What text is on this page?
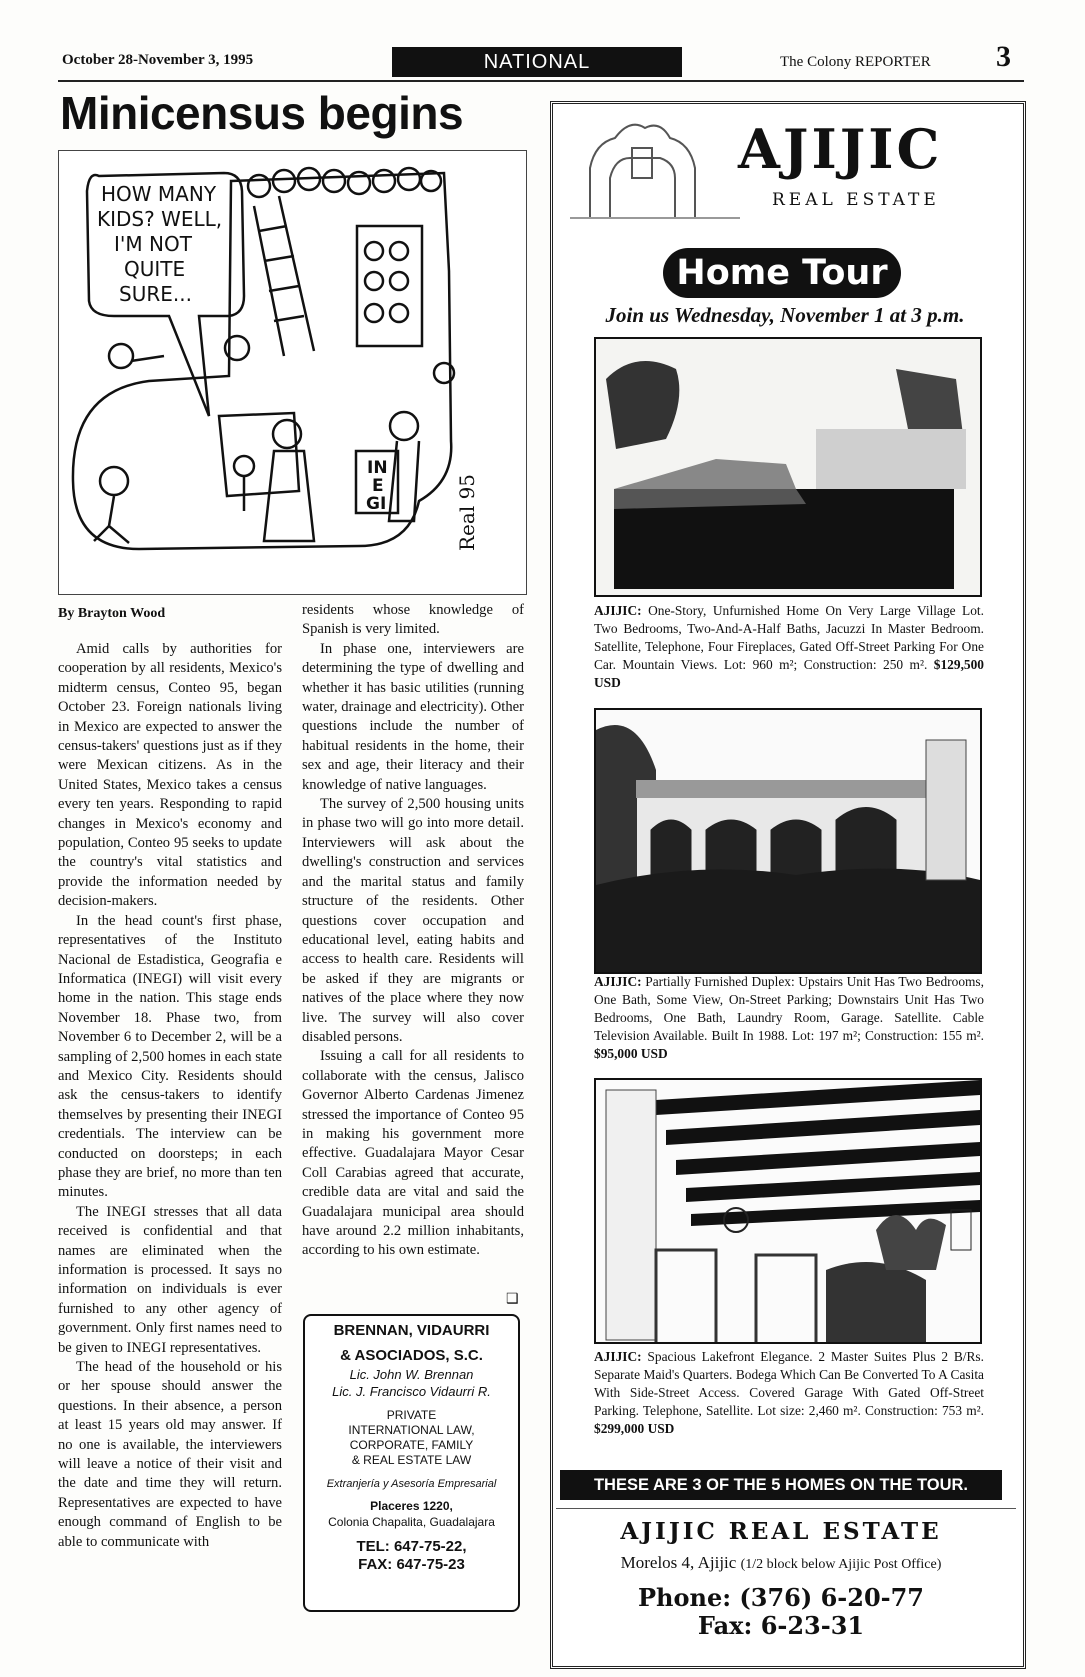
October 28-November 3, 1995	NATIONAL	The Colony REPORTER 3
Minicensus begins
HOW MANY
KIDS? WELL,
I'M NOT
QUITE
SURE...
IN
E
GI	Real 95
By Brayton Wood

Amid calls by authorities for cooperation by all residents, Mexico's midterm census, Conteo 95, began October 23. Foreign nationals living in Mexico are expected to answer the census-takers' questions just as if they were Mexican citizens. As in the United States, Mexico takes a census every ten years. Responding to rapid changes in Mexico's economy and population, Conteo 95 seeks to update the country's vital statistics and provide the information needed by decision-makers.

In the head count's first phase, representatives of the Instituto Nacional de Estadistica, Geografia e Informatica (INEGI) will visit every home in the nation. This stage ends November 18. Phase two, from November 6 to December 2, will be a sampling of 2,500 homes in each state and Mexico City. Residents should ask the census-takers to identify themselves by presenting their INEGI credentials. The interview can be conducted on doorsteps; in each phase they are brief, no more than ten minutes.

The INEGI stresses that all data received is confidential and that names are eliminated when the information is processed. It says no information on individuals is ever furnished to any other agency of government. Only first names need to be given to INEGI representatives.

The head of the household or his or her spouse should answer the questions. In their absence, a person at least 15 years old may answer. If no one is available, the interviewers will leave a notice of their visit and the date and time they will return. Representatives are expected to have enough command of English to be able to communicate with

residents whose knowledge of Spanish is very limited.

In phase one, interviewers are determining the type of dwelling and whether it has basic utilities (running water, drainage and electricity). Other questions include the number of habitual residents in the home, their sex and age, their literacy and their knowledge of native languages.

The survey of 2,500 housing units in phase two will go into more detail. Interviewers will ask about the dwelling's construction and services and the marital status and family structure of the residents. Other questions cover occupation and educational level, eating habits and access to health care. Residents will be asked if they are migrants or natives of the place where they now live. The survey will also cover disabled persons.

Issuing a call for all residents to collaborate with the census, Jalisco Governor Alberto Cardenas Jimenez stressed the importance of Conteo 95 in making his government more effective. Guadalajara Mayor Cesar Coll Carabias agreed that accurate, credible data are vital and said the Guadalajara municipal area should have around 2.2 million inhabitants, according to his own estimate.

❑
BRENNAN, VIDAURRI
& ASOCIADOS, S.C.
Lic. John W. Brennan
Lic. J. Francisco Vidaurri R.
PRIVATE
INTERNATIONAL LAW,
CORPORATE, FAMILY
& REAL ESTATE LAW
Extranjería y Asesoría Empresarial
Placeres 1220,
Colonia Chapalita, Guadalajara
TEL: 647-75-22,
FAX: 647-75-23
AJIJIC
REAL ESTATE
Home Tour
Join us Wednesday, November 1 at 3 p.m.
AJIJIC: One-Story, Unfurnished Home On Very Large Village Lot. Two Bedrooms, Two-And-A-Half Baths, Jacuzzi In Master Bedroom. Satellite, Telephone, Four Fireplaces, Gated Off-Street Parking For One Car. Mountain Views. Lot: 960 m²; Construction: 250 m². $129,500 USD
AJIJIC: Partially Furnished Duplex: Upstairs Unit Has Two Bedrooms, One Bath, Some View, On-Street Parking; Downstairs Unit Has Two Bedrooms, One Bath, Laundry Room, Garage. Satellite. Cable Television Available. Built In 1988. Lot: 197 m²; Construction: 155 m². $95,000 USD
AJIJIC: Spacious Lakefront Elegance. 2 Master Suites Plus 2 B/Rs. Separate Maid's Quarters. Bodega Which Can Be Converted To A Casita With Side-Street Access. Covered Garage With Gated Off-Street Parking. Telephone, Satellite. Lot size: 2,460 m². Construction: 753 m². $299,000 USD
THESE ARE 3 OF THE 5 HOMES ON THE TOUR.
AJIJIC REAL ESTATE
Morelos 4, Ajijic (1/2 block below Ajijic Post Office)
Phone: (376) 6-20-77
Fax: 6-23-31
